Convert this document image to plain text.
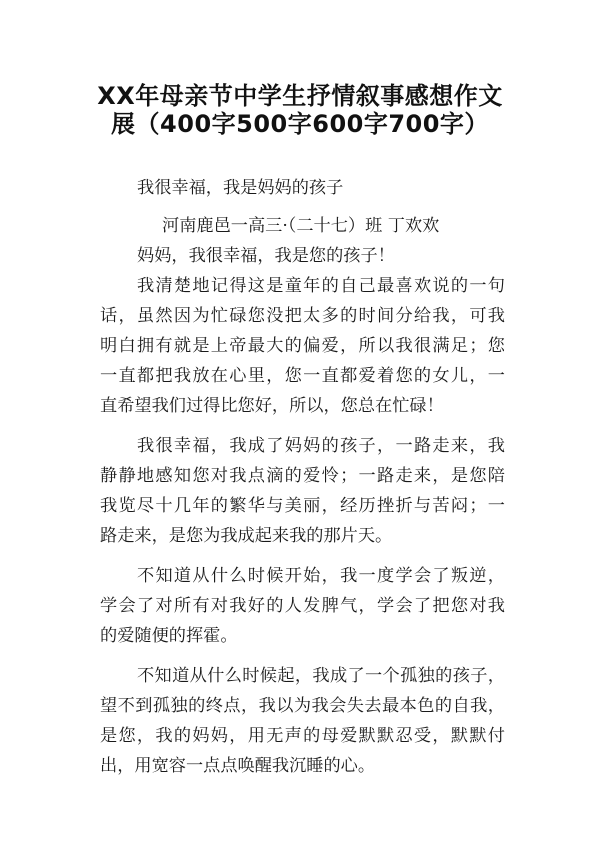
XX年母亲节中学生抒情叙事感想作文
展（400字500字600字700字）
我很幸福，我是妈妈的孩子
河南鹿邑一高三·（二十七）班 丁欢欢
妈妈，我很幸福，我是您的孩子！
我清楚地记得这是童年的自己最喜欢说的一句
话，虽然因为忙碌您没把太多的时间分给我，可我
明白拥有就是上帝最大的偏爱，所以我很满足；您
一直都把我放在心里，您一直都爱着您的女儿，一
直希望我们过得比您好，所以，您总在忙碌！
我很幸福，我成了妈妈的孩子，一路走来，我
静静地感知您对我点滴的爱怜；一路走来，是您陪
我览尽十几年的繁华与美丽，经历挫折与苦闷；一
路走来，是您为我成起来我的那片天。
不知道从什么时候开始，我一度学会了叛逆，
学会了对所有对我好的人发脾气，学会了把您对我
的爱随便的挥霍。
不知道从什么时候起，我成了一个孤独的孩子，
望不到孤独的终点，我以为我会失去最本色的自我，
是您，我的妈妈，用无声的母爱默默忍受，默默付
出，用宽容一点点唤醒我沉睡的心。
